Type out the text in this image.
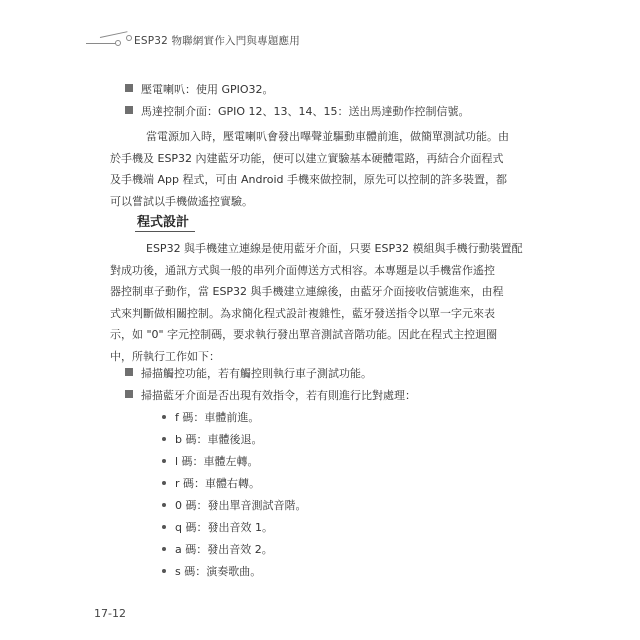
ESP32 物聯網實作入門與專題應用
壓電喇叭：使用 GPIO32。
馬達控制介面：GPIO 12、13、14、15：送出馬達動作控制信號。
當電源加入時，壓電喇叭會發出嗶聲並驅動車體前進，做簡單測試功能。由
於手機及 ESP32 內建藍牙功能，便可以建立實驗基本硬體電路，再結合介面程式
及手機端 App 程式，可由 Android 手機來做控制，原先可以控制的許多裝置，都
可以嘗試以手機做遙控實驗。
程式設計
ESP32 與手機建立連線是使用藍牙介面，只要 ESP32 模組與手機行動裝置配
對成功後，通訊方式與一般的串列介面傳送方式相容。本專題是以手機當作遙控
器控制車子動作，當 ESP32 與手機建立連線後，由藍牙介面接收信號進來，由程
式來判斷做相關控制。為求簡化程式設計複雜性，藍牙發送指令以單一字元來表
示，如 "0" 字元控制碼，要求執行發出單音測試音階功能。因此在程式主控迴圈
中，所執行工作如下：
掃描觸控功能，若有觸控則執行車子測試功能。
掃描藍牙介面是否出現有效指令，若有則進行比對處理：
f 碼：車體前進。
b 碼：車體後退。
l 碼：車體左轉。
r 碼：車體右轉。
0 碼：發出單音測試音階。
q 碼：發出音效 1。
a 碼：發出音效 2。
s 碼：演奏歌曲。
17-12
